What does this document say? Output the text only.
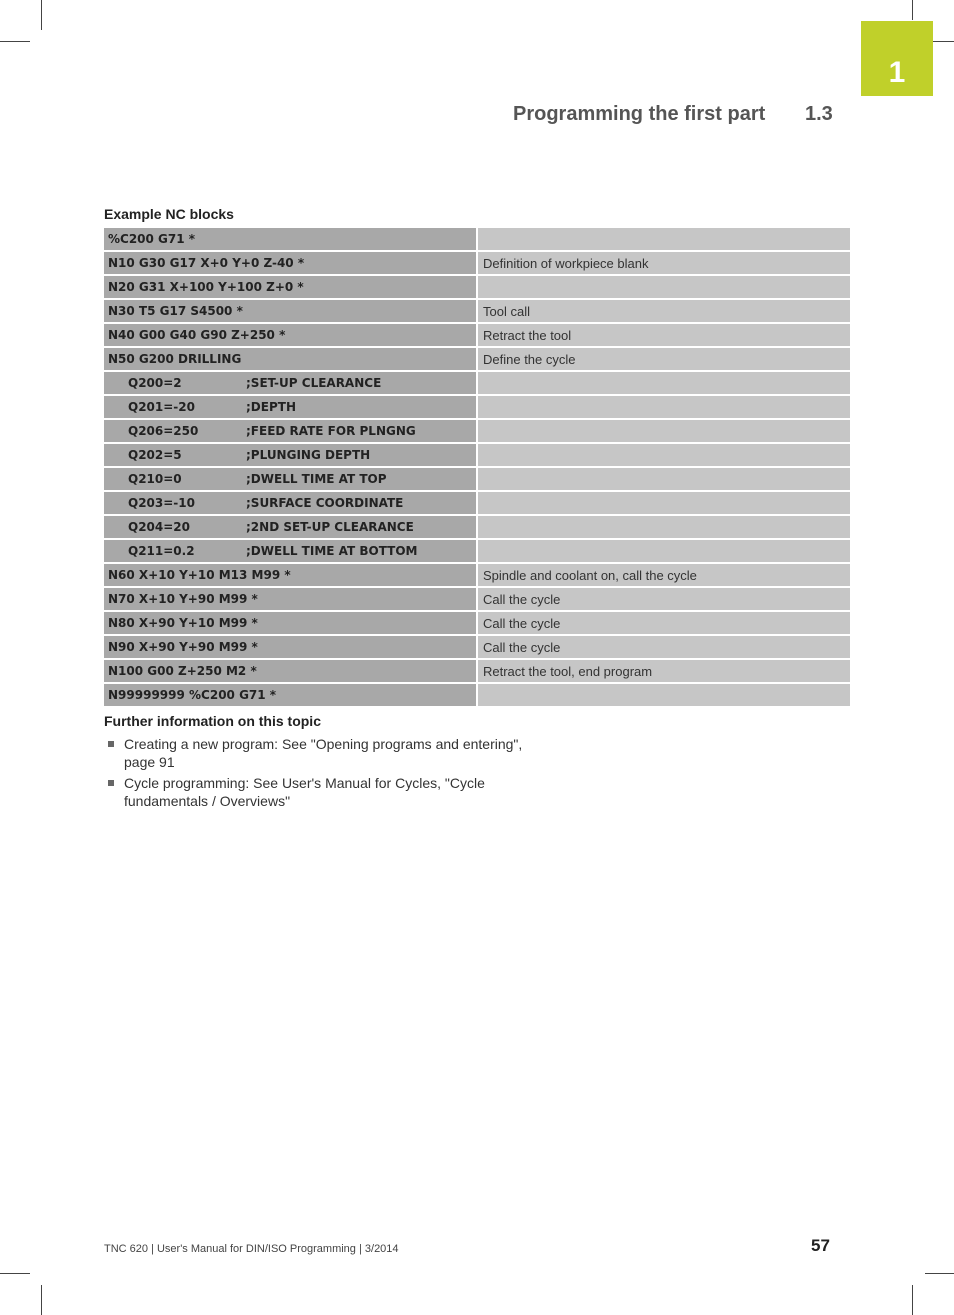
1
Programming the first part 1.3
Example NC blocks
%C200 G71 *
N10 G30 G17 X+0 Y+0 Z-40 *	Definition of workpiece blank
N20 G31 X+100 Y+100 Z+0 *
N30 T5 G17 S4500 *	Tool call
N40 G00 G40 G90 Z+250 *	Retract the tool
N50 G200 DRILLING	Define the cycle
Q200=2	;SET-UP CLEARANCE
Q201=-20	;DEPTH
Q206=250	;FEED RATE FOR PLNGNG
Q202=5	;PLUNGING DEPTH
Q210=0	;DWELL TIME AT TOP
Q203=-10	;SURFACE COORDINATE
Q204=20	;2ND SET-UP CLEARANCE
Q211=0.2	;DWELL TIME AT BOTTOM
N60 X+10 Y+10 M13 M99 *	Spindle and coolant on, call the cycle
N70 X+10 Y+90 M99 *	Call the cycle
N80 X+90 Y+10 M99 *	Call the cycle
N90 X+90 Y+90 M99 *	Call the cycle
N100 G00 Z+250 M2 *	Retract the tool, end program
N99999999 %C200 G71 *
Further information on this topic
Creating a new program: See "Opening programs and entering", page 91
Cycle programming: See User's Manual for Cycles, "Cycle fundamentals / Overviews"
TNC 620 | User's Manual for DIN/ISO Programming | 3/2014	57
